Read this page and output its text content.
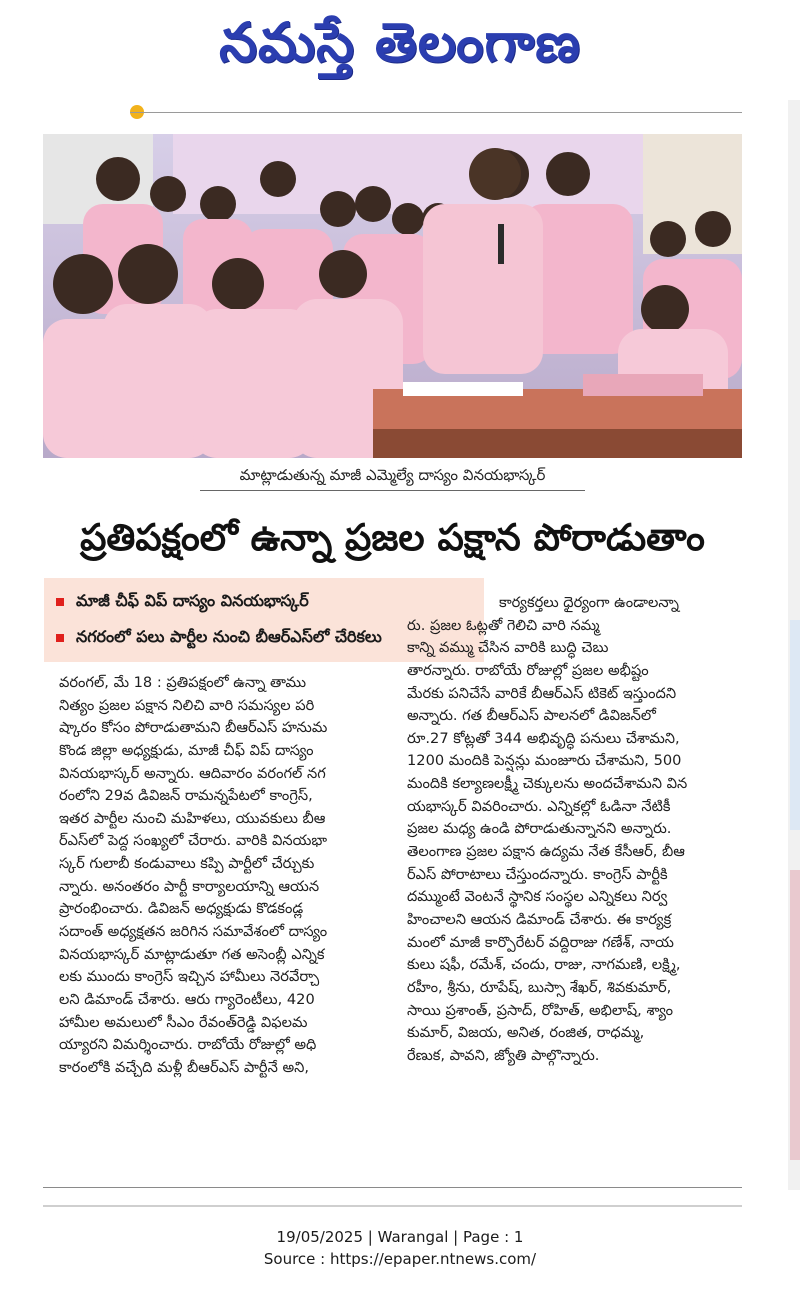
నమస్తే తెలంగాణ
మాట్లాడుతున్న మాజీ ఎమ్మెల్యే దాస్యం వినయభాస్కర్
ప్రతిపక్షంలో ఉన్నా ప్రజల పక్షాన పోరాడుతాం
మాజీ చీఫ్ విప్ దాస్యం వినయభాస్కర్
నగరంలో పలు పార్టీల నుంచి బీఆర్ఎస్‌లో చేరికలు

వరంగల్, మే 18 : ప్రతిపక్షంలో ఉన్నా తాము

నిత్యం ప్రజల పక్షాన నిలిచి వారి సమస్యల పరి

ష్కారం కోసం పోరాడుతామని బీఆర్ఎస్ హనుమ

కొండ జిల్లా అధ్యక్షుడు, మాజీ చీఫ్ విప్ దాస్యం

వినయభాస్కర్ అన్నారు. ఆదివారం వరంగల్ నగ

రంలోని 29వ డివిజన్ రామన్నపేటలో కాంగ్రెస్,

ఇతర పార్టీల నుంచి మహిళలు, యువకులు బీఆ

ర్ఎస్‌లో పెద్ద సంఖ్యలో చేరారు. వారికి వినయభా

స్కర్ గులాబీ కండువాలు కప్పి పార్టీలో చేర్చుకు

న్నారు. అనంతరం పార్టీ కార్యాలయాన్ని ఆయన

ప్రారంభించారు. డివిజన్ అధ్యక్షుడు కొడకండ్ల

సదాంత్ అధ్యక్షతన జరిగిన సమావేశంలో దాస్యం

వినయభాస్కర్ మాట్లాడుతూ గత అసెంబ్లీ ఎన్నిక

లకు ముందు కాంగ్రెస్ ఇచ్చిన హామీలు నెరవేర్చా

లని డిమాండ్ చేశారు. ఆరు గ్యారెంటీలు, 420

హామీల అమలులో సీఎం రేవంత్‌రెడ్డి విఫలమ

య్యారని విమర్శించారు. రాబోయే రోజుల్లో అధి

కారంలోకి వచ్చేది మళ్లీ బీఆర్ఎస్ పార్టీనే అని,

కార్యకర్తలు ధైర్యంగా ఉండాలన్నా

రు. ప్రజల ఓట్లతో గెలిచి వారి నమ్మ

కాన్ని వమ్ము చేసిన వారికి బుద్ధి చెబు

తారన్నారు. రాబోయే రోజుల్లో ప్రజల అభీష్టం

మేరకు పనిచేసే వారికే బీఆర్ఎస్ టికెట్ ఇస్తుందని

అన్నారు. గత బీఆర్ఎస్ పాలనలో డివిజన్‌లో

రూ.27 కోట్లతో 344 అభివృద్ధి పనులు చేశామని,

1200 మందికి పెన్షన్లు మంజూరు చేశామని, 500

మందికి కల్యాణలక్ష్మీ చెక్కులను అందచేశామని విన

యభాస్కర్ వివరించారు. ఎన్నికల్లో ఓడినా నేటికీ

ప్రజల మధ్య ఉండి పోరాడుతున్నానని అన్నారు.

తెలంగాణ ప్రజల పక్షాన ఉద్యమ నేత కేసీఆర్, బీఆ

ర్ఎస్ పోరాటాలు చేస్తుందన్నారు. కాంగ్రెస్ పార్టీకి

దమ్ముంటే వెంటనే స్థానిక సంస్థల ఎన్నికలు నిర్వ

హించాలని ఆయన డిమాండ్ చేశారు. ఈ కార్యక్ర

మంలో మాజీ కార్పొరేటర్ వద్దిరాజు గణేశ్, నాయ

కులు షఫీ, రమేశ్, చందు, రాజు, నాగమణి, లక్ష్మి,

రహీం, శ్రీను, రూపేష్, బుస్సా శేఖర్, శివకుమార్,

సాయి ప్రశాంత్, ప్రసాద్, రోహిత్, అభిలాష్, శ్యాం

కుమార్, విజయ, అనిత, రంజిత, రాధమ్మ,

రేణుక, పావని, జ్యోతి పాల్గొన్నారు.

19/05/2025 | Warangal | Page : 1
Source : https://epaper.ntnews.com/
